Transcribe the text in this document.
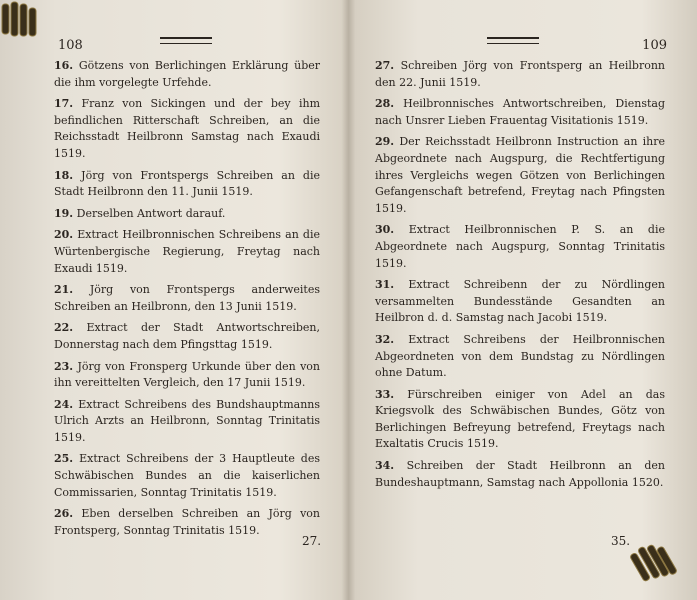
108
16. Götzens von Berlichingen Erklärung über die ihm vorgelegte Urfehde.
17. Franz von Sickingen und der bey ihm befindlichen Ritterschaft Schreiben, an die Reichsstadt Heilbronn Samstag nach Exaudi 1519.
18. Jörg von Frontspergs Schreiben an die Stadt Heilbronn den 11. Junii 1519.
19. Derselben Antwort darauf.
20. Extract Heilbronnischen Schreibens an die Würtenbergische Regierung, Freytag nach Exaudi 1519.
21. Jörg von Frontspergs anderweites Schreiben an Heilbronn, den 13 Junii 1519.
22. Extract der Stadt Antwortschreiben, Donnerstag nach dem Pfingsttag 1519.
23. Jörg von Fronsperg Urkunde über den von ihn vereittelten Vergleich, den 17 Junii 1519.
24. Extract Schreibens des Bundshauptmanns Ulrich Arzts an Heilbronn, Sonntag Trinitatis 1519.
25. Extract Schreibens der 3 Hauptleute des Schwäbischen Bundes an die kaiserlichen Commissarien, Sonntag Trinitatis 1519.
26. Eben derselben Schreiben an Jörg von Frontsperg, Sonntag Trinitatis 1519.
27.
109
27. Schreiben Jörg von Frontsperg an Heilbronn den 22. Junii 1519.
28. Heilbronnisches Antwortschreiben, Dienstag nach Unsrer Lieben Frauentag Visitationis 1519.
29. Der Reichsstadt Heilbronn Instruction an ihre Abgeordnete nach Augspurg, die Rechtfertigung ihres Vergleichs wegen Götzen von Berlichingen Gefangenschaft betrefend, Freytag nach Pfingsten 1519.
30. Extract Heilbronnischen P. S. an die Abgeordnete nach Augspurg, Sonntag Trinitatis 1519.
31. Extract Schreibenn der zu Nördlingen versammelten Bundesstände Gesandten an Heilbron d. d. Samstag nach Jacobi 1519.
32. Extract Schreibens der Heilbronnischen Abgeordneten von dem Bundstag zu Nördlingen ohne Datum.
33. Fürschreiben einiger von Adel an das Kriegsvolk des Schwäbischen Bundes, Götz von Berlichingen Befreyung betrefend, Freytags nach Exaltatis Crucis 1519.
34. Schreiben der Stadt Heilbronn an den Bundeshauptmann, Samstag nach Appollonia 1520.
35.
